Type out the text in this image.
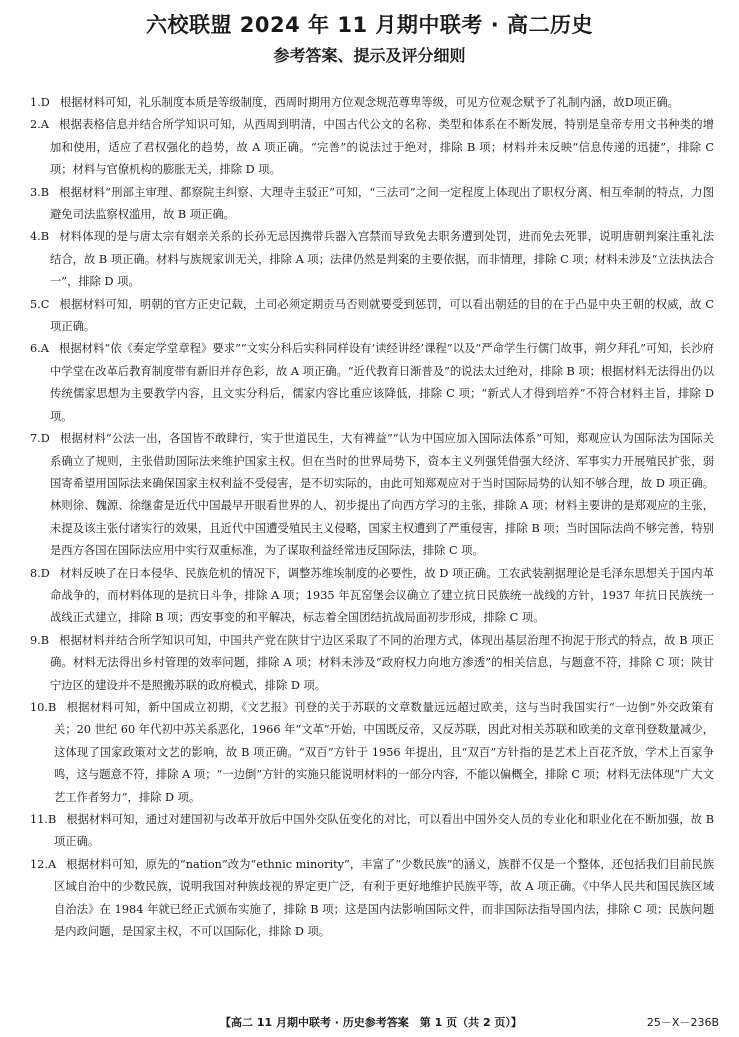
六校联盟 2024 年 11 月期中联考 · 高二历史
参考答案、提示及评分细则

1.D 根据材料可知，礼乐制度本质是等级制度，西周时期用方位观念规范尊卑等级，可见方位观念赋予了礼制内涵，故D项正确。

2.A 根据表格信息并结合所学知识可知，从西周到明清，中国古代公文的名称、类型和体系在不断发展，特别是皇帝专用文书种类的增加和使用，适应了君权强化的趋势，故 A 项正确。“完善”的说法过于绝对，排除 B 项；材料并未反映“信息传递的迅捷”，排除 C 项；材料与官僚机构的膨胀无关，排除 D 项。

3.B 根据材料“刑部主审理、都察院主纠察、大理寺主驳正”可知，“三法司”之间一定程度上体现出了职权分离、相互牵制的特点，力图避免司法监察权滥用，故 B 项正确。

4.B 材料体现的是与唐太宗有姻亲关系的长孙无忌因携带兵器入宫禁而导致免去职务遭到处罚，进而免去死罪，说明唐朝判案注重礼法结合，故 B 项正确。材料与族规家训无关，排除 A 项；法律仍然是判案的主要依据，而非情理，排除 C 项；材料未涉及“立法执法合一”，排除 D 项。

5.C 根据材料可知，明朝的官方正史记载，土司必须定期贡马否则就要受到惩罚，可以看出朝廷的目的在于凸显中央王朝的权威，故 C 项正确。

6.A 根据材料“依《奏定学堂章程》要求”“文实分科后实科同样设有‘读经讲经’课程”以及“严命学生行儒门故事，朔夕拜孔”可知，长沙府中学堂在改革后教育制度带有新旧并存色彩，故 A 项正确。“近代教育日渐普及”的说法太过绝对，排除 B 项；根据材料无法得出仍以传统儒家思想为主要教学内容，且文实分科后，儒家内容比重应该降低，排除 C 项；“新式人才得到培养”不符合材料主旨，排除 D 项。

7.D 根据材料“公法一出，各国皆不敢肆行，实于世道民生，大有裨益”“认为中国应加入国际法体系”可知，郑观应认为国际法为国际关系确立了规则，主张借助国际法来维护国家主权。但在当时的世界局势下，资本主义列强凭借强大经济、军事实力开展殖民扩张，弱国寄希望用国际法来确保国家主权利益不受侵害，是不切实际的，由此可知郑观应对于当时国际局势的认知不够合理，故 D 项正确。林则徐、魏源、徐继畬是近代中国最早开眼看世界的人，初步提出了向西方学习的主张，排除 A 项；材料主要讲的是郑观应的主张，未提及该主张付诸实行的效果，且近代中国遭受殖民主义侵略，国家主权遭到了严重侵害，排除 B 项；当时国际法尚不够完善，特别是西方各国在国际法应用中实行双重标准，为了谋取利益经常违反国际法，排除 C 项。

8.D 材料反映了在日本侵华、民族危机的情况下，调整苏维埃制度的必要性，故 D 项正确。工农武装割据理论是毛泽东思想关于国内革命战争的，而材料体现的是抗日斗争，排除 A 项；1935 年瓦窑堡会议确立了建立抗日民族统一战线的方针，1937 年抗日民族统一战线正式建立，排除 B 项；西安事变的和平解决，标志着全国团结抗战局面初步形成，排除 C 项。

9.B 根据材料并结合所学知识可知，中国共产党在陕甘宁边区采取了不同的治理方式，体现出基层治理不拘泥于形式的特点，故 B 项正确。材料无法得出乡村管理的效率问题，排除 A 项；材料未涉及“政府权力向地方渗透”的相关信息，与题意不符，排除 C 项；陕甘宁边区的建设并不是照搬苏联的政府模式，排除 D 项。

10.B 根据材料可知，新中国成立初期，《文艺报》刊登的关于苏联的文章数量远远超过欧美，这与当时我国实行“一边倒”外交政策有关；20 世纪 60 年代初中苏关系恶化，1966 年“文革”开始，中国既反帝，又反苏联，因此对相关苏联和欧美的文章刊登数量减少，这体现了国家政策对文艺的影响，故 B 项正确。“双百”方针于 1956 年提出，且“双百”方针指的是艺术上百花齐放，学术上百家争鸣，这与题意不符，排除 A 项；“一边倒”方针的实施只能说明材料的一部分内容，不能以偏概全，排除 C 项；材料无法体现“广大文艺工作者努力”，排除 D 项。

11.B 根据材料可知，通过对建国初与改革开放后中国外交队伍变化的对比，可以看出中国外交人员的专业化和职业化在不断加强，故 B 项正确。

12.A 根据材料可知，原先的“nation”改为“ethnic minority”，丰富了“少数民族”的涵义，族群不仅是一个整体，还包括我们目前民族区域自治中的少数民族，说明我国对种族歧视的界定更广泛，有利于更好地维护民族平等，故 A 项正确。《中华人民共和国民族区域自治法》在 1984 年就已经正式颁布实施了，排除 B 项；这是国内法影响国际文件，而非国际法指导国内法，排除 C 项；民族问题是内政问题，是国家主权，不可以国际化，排除 D 项。

【高二 11 月期中联考 · 历史参考答案　第 1 页（共 2 页）】	25－X－236B
